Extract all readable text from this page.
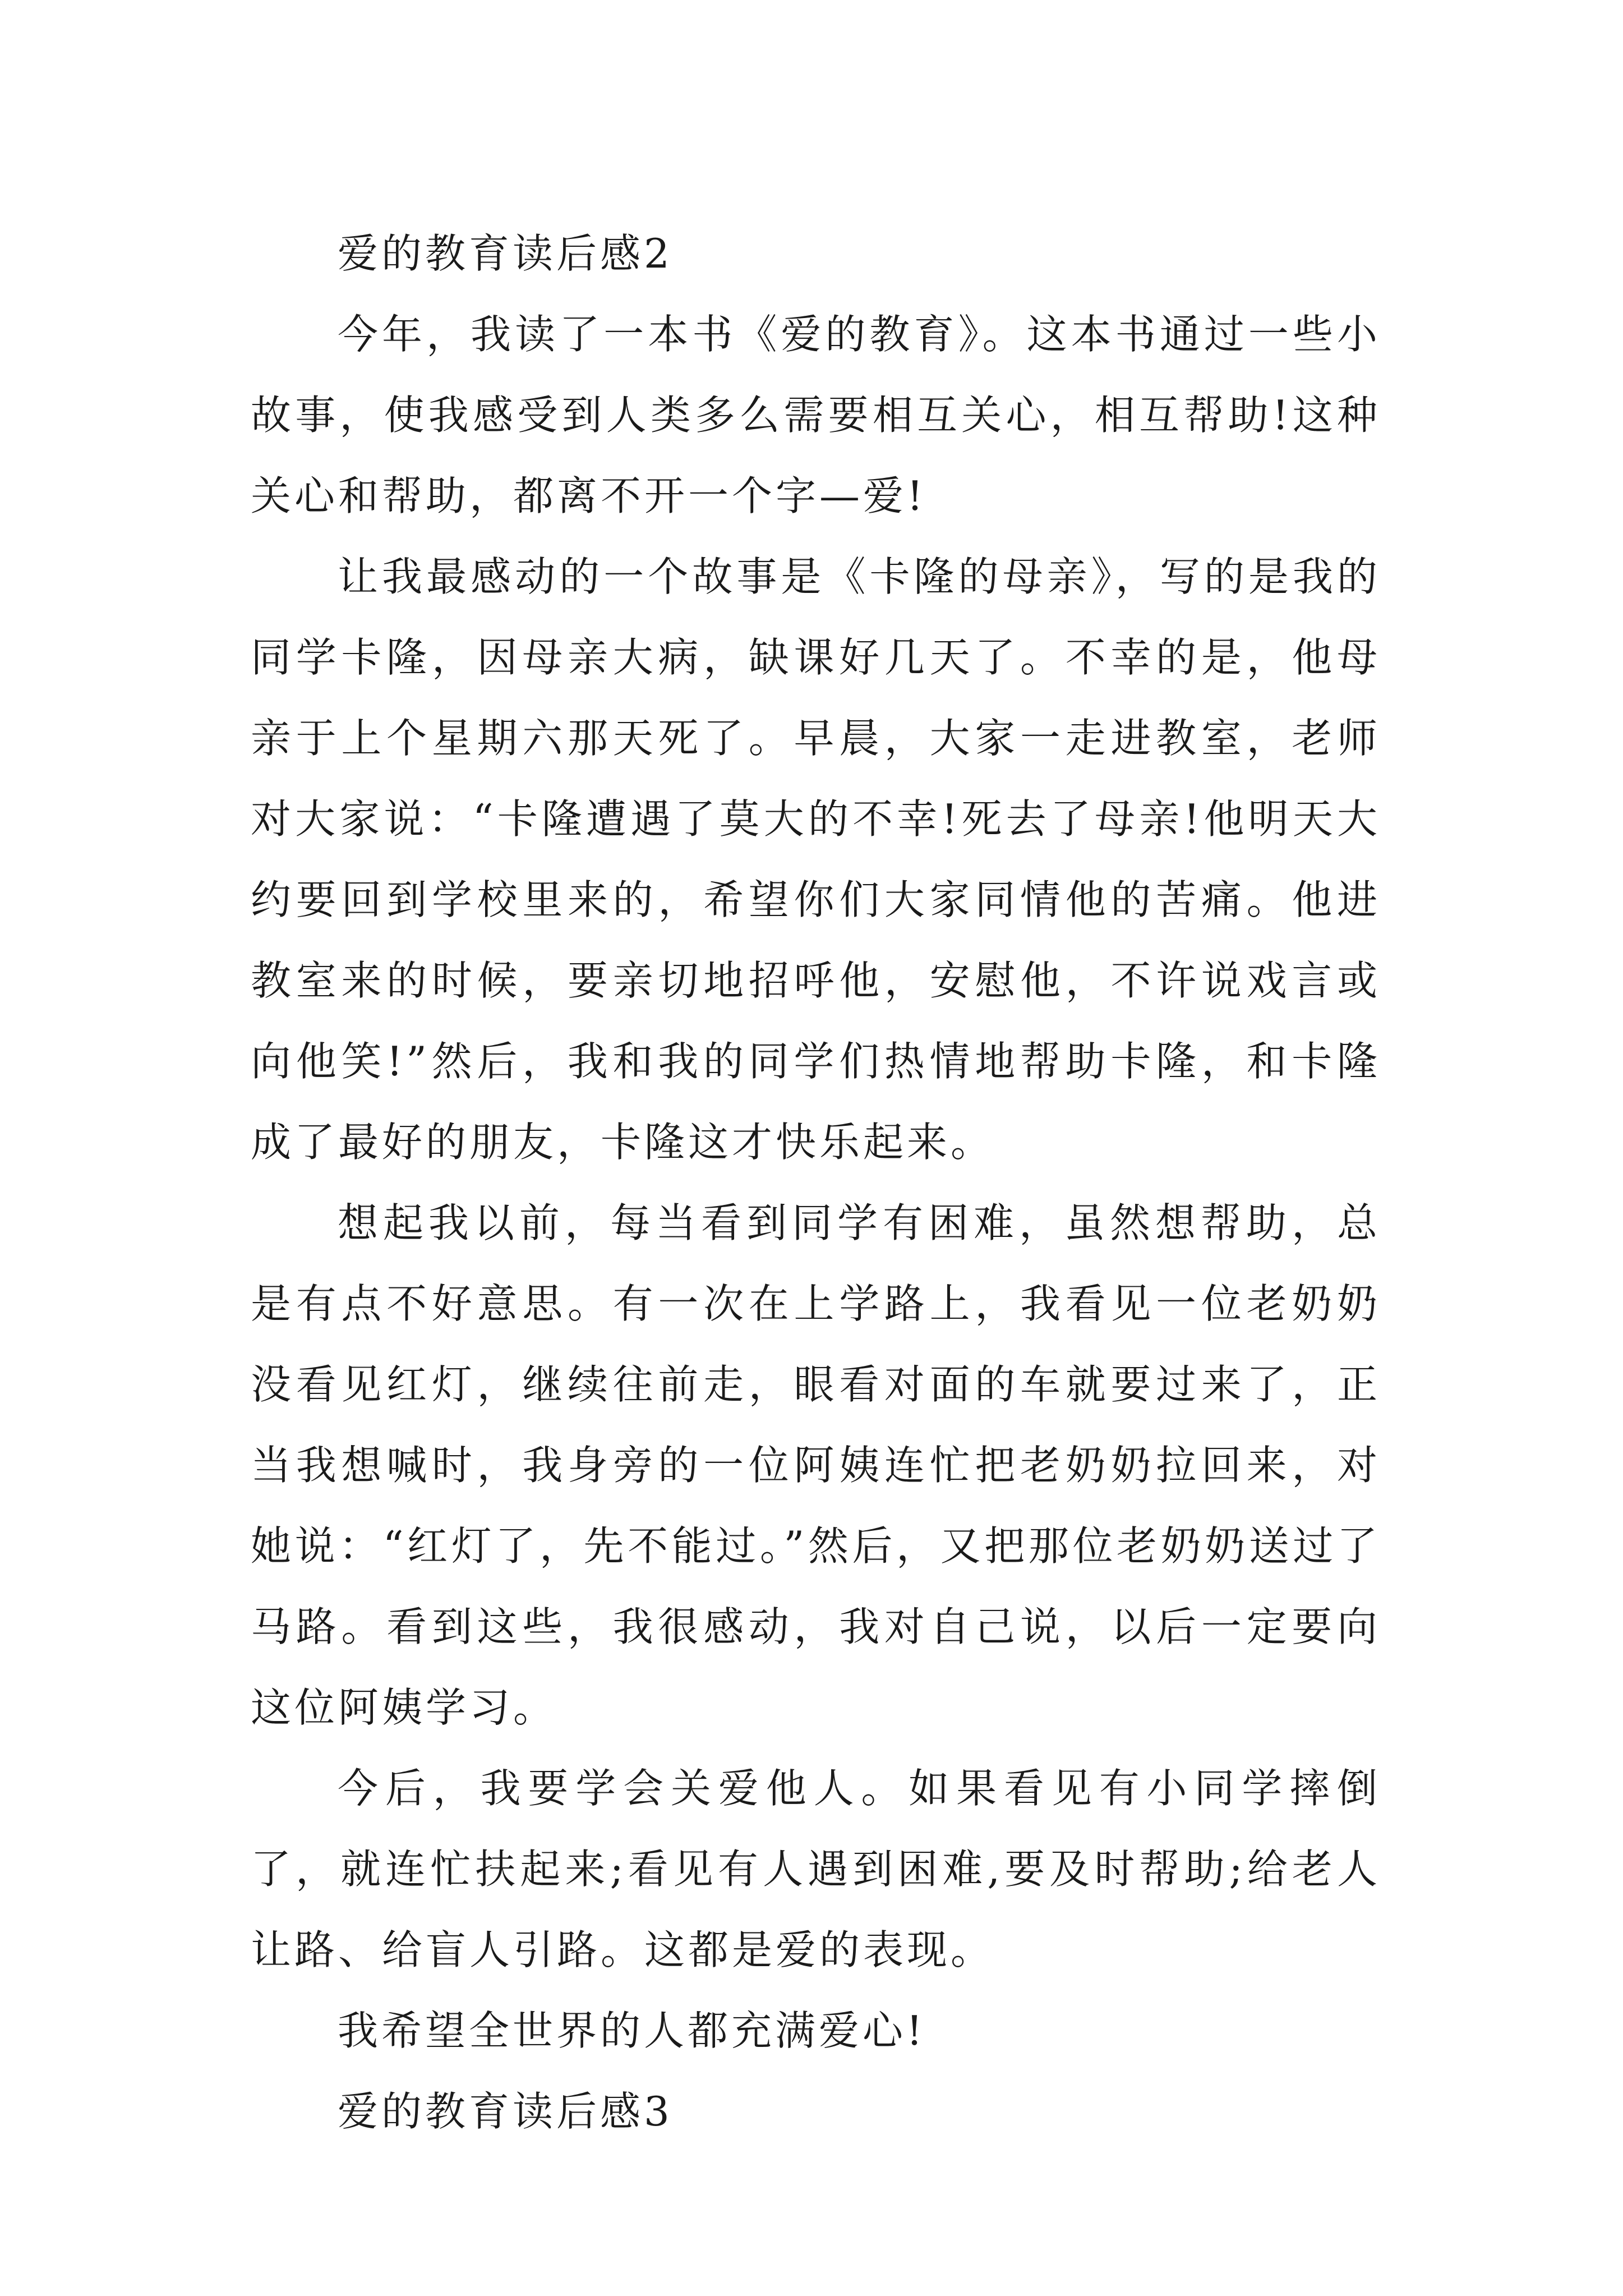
爱的教育读后感2

今年，我读了一本书《爱的教育》。这本书通过一些小故事，使我感受到人类多么需要相互关心，相互帮助!这种关心和帮助，都离不开一个字—爱!

让我最感动的一个故事是《卡隆的母亲》，写的是我的同学卡隆，因母亲大病，缺课好几天了。不幸的是，他母亲于上个星期六那天死了。早晨，大家一走进教室，老师对大家说：“卡隆遭遇了莫大的不幸!死去了母亲!他明天大约要回到学校里来的，希望你们大家同情他的苦痛。他进教室来的时候，要亲切地招呼他，安慰他，不许说戏言或向他笑!”然后，我和我的同学们热情地帮助卡隆，和卡隆成了最好的朋友，卡隆这才快乐起来。

想起我以前，每当看到同学有困难，虽然想帮助，总是有点不好意思。有一次在上学路上，我看见一位老奶奶没看见红灯，继续往前走，眼看对面的车就要过来了，正当我想喊时，我身旁的一位阿姨连忙把老奶奶拉回来，对她说：“红灯了，先不能过。”然后，又把那位老奶奶送过了马路。看到这些，我很感动，我对自己说，以后一定要向这位阿姨学习。

今后，我要学会关爱他人。如果看见有小同学摔倒了，就连忙扶起来;看见有人遇到困难,要及时帮助;给老人让路、给盲人引路。这都是爱的表现。

我希望全世界的人都充满爱心!

爱的教育读后感3
